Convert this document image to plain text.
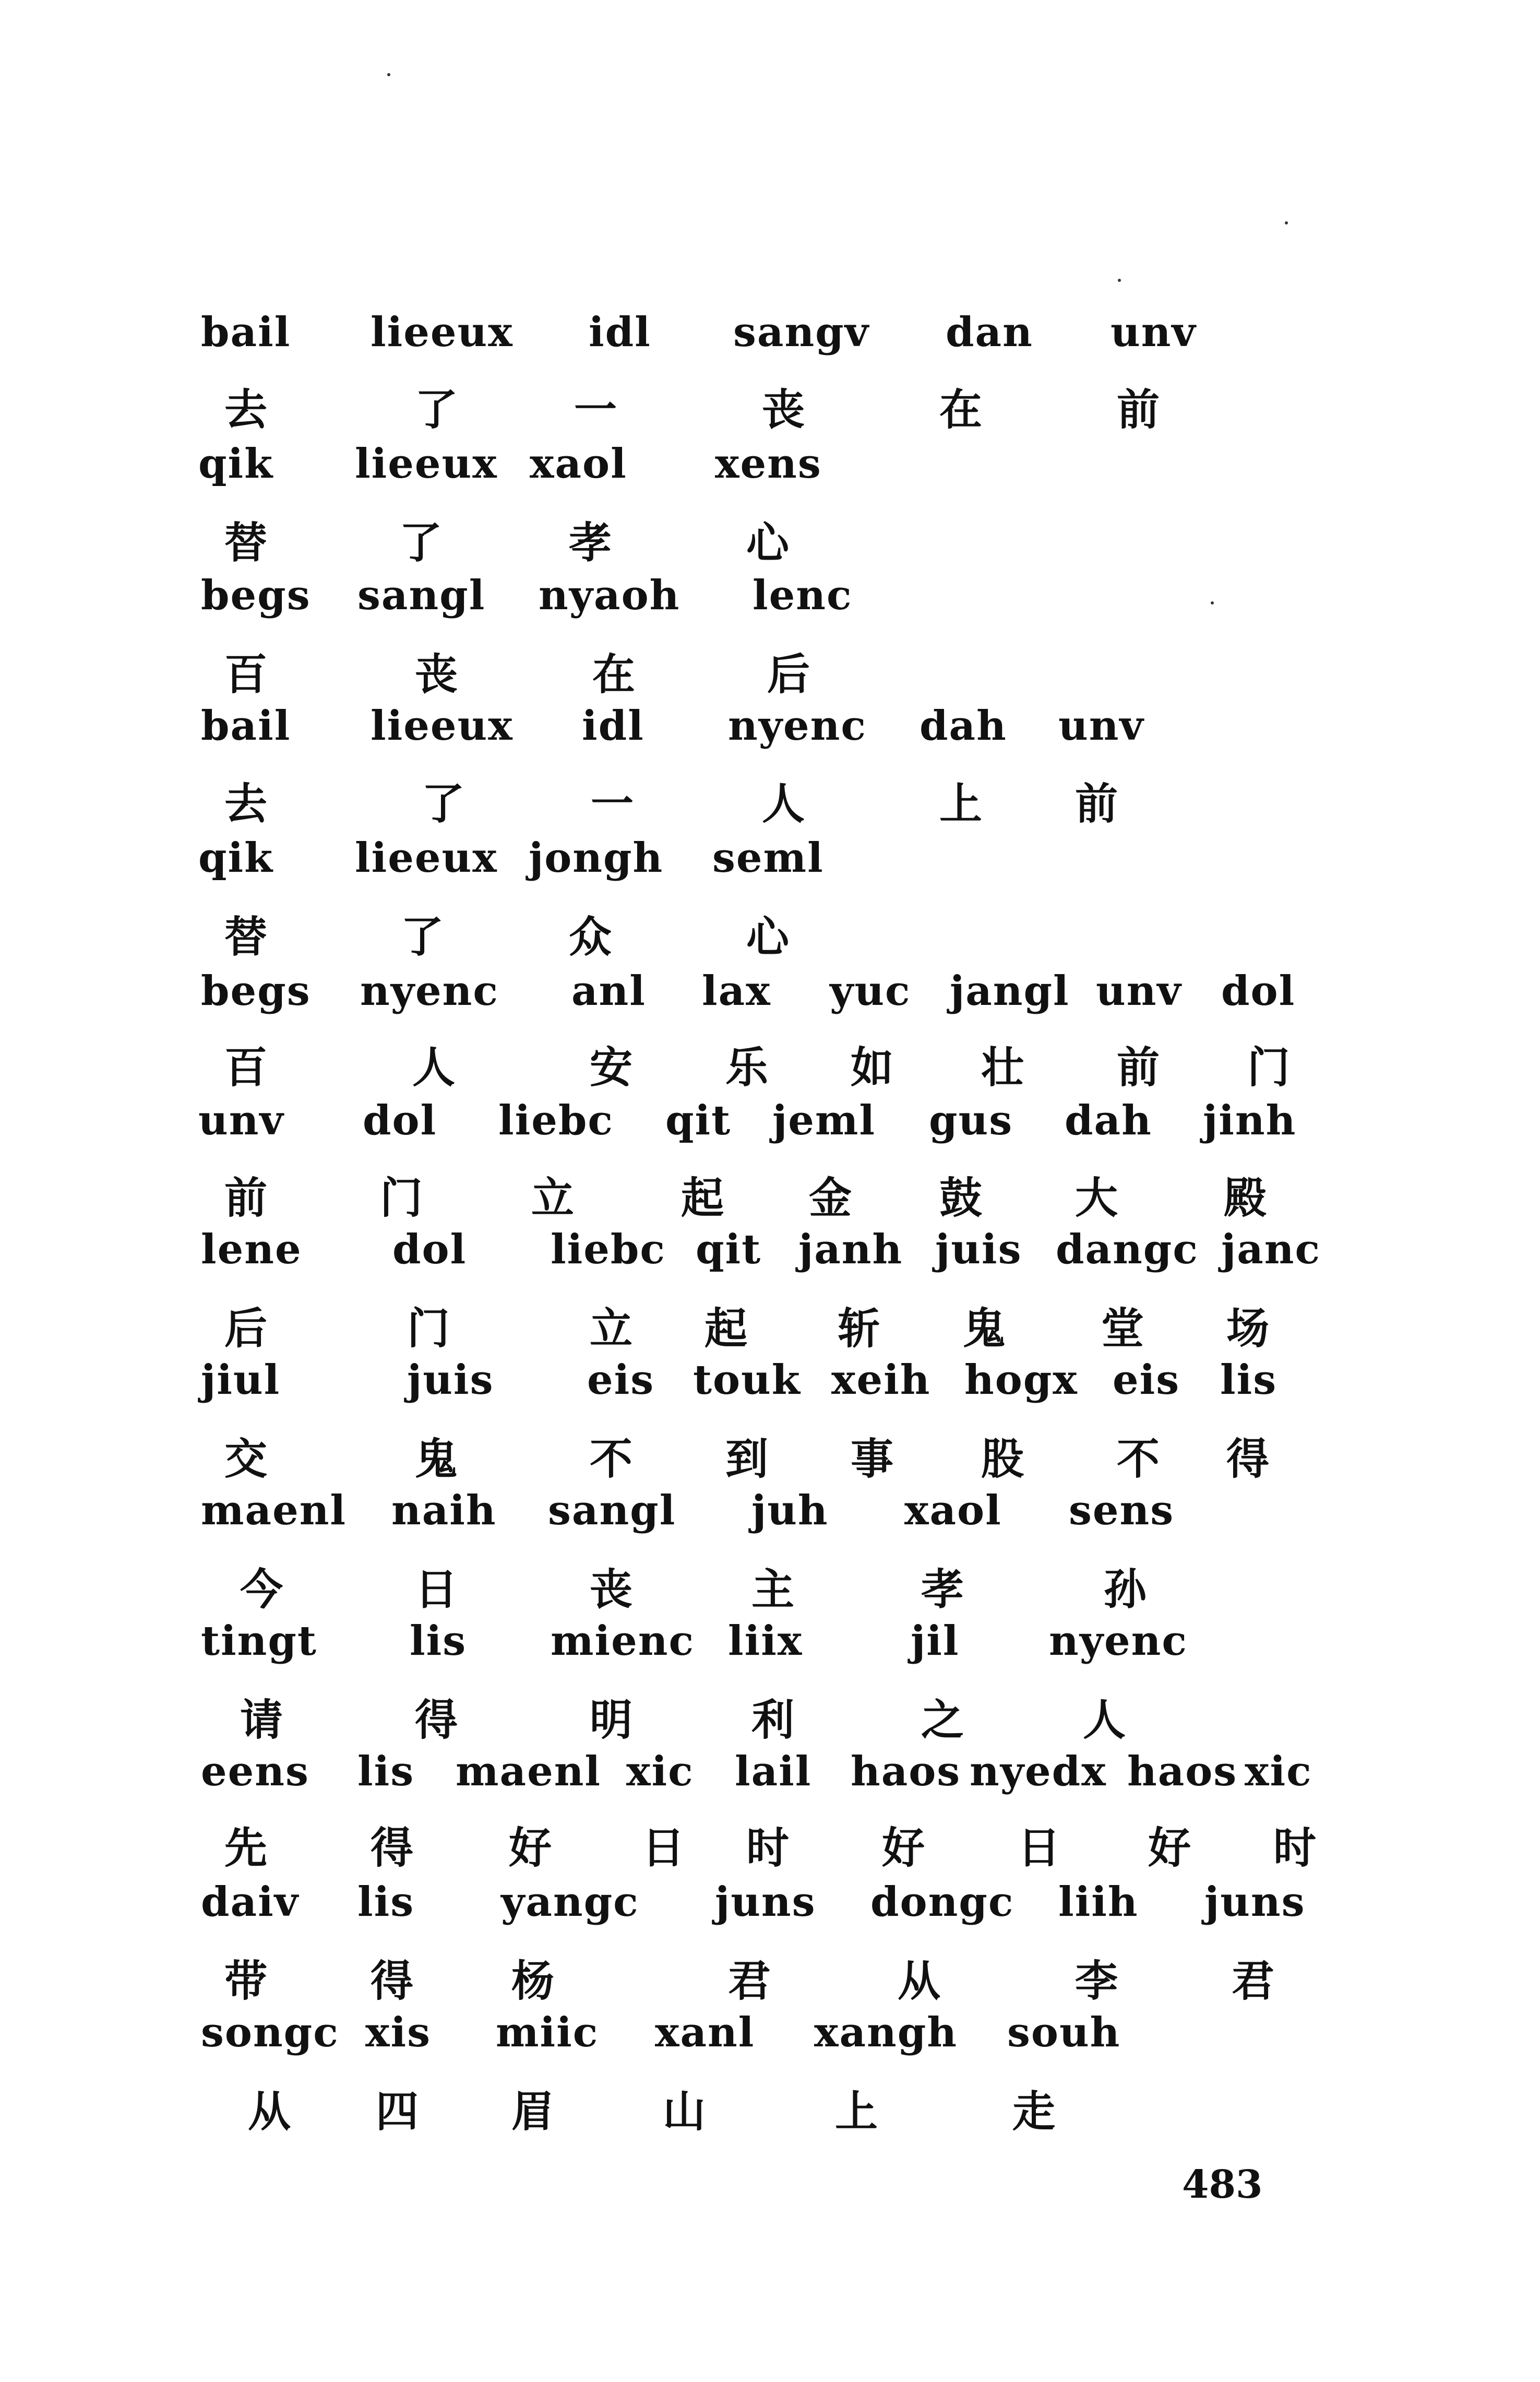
bail lieeux idl sangv dan unv
去	了	一	丧	在	前
qik lieeux xaol xens
替	了	孝	心
begs sangl nyaoh lenc
百	丧	在	后
bail lieeux idl nyenc dah unv
去	了	一	人	上 前
qik lieeux jongh seml
替	了	众	心
begs nyenc anl lax yuc jangl unv dol
百	人	安 乐 如 壮 前 门
unv dol liebc qit jeml gus dah jinh
前	门	立 起 金 鼓 大 殿
lene dol liebc qit janh juis dangc janc
后	门	立 起 斩 鬼 堂 场
jiul	juis eis touk xeih hogx eis lis
交	鬼	不 到 事 股 不 得
maenl naih sangl juh xaol sens
今	日	丧	主	孝	孙
tingt lis mienc liix	jil nyenc
请	得	明	利	之	人
eens lis maenl xic lail haos nyedx haos xic
先 得 好 日 时 好 日 好 时
daiv lis yangc juns dongc liih juns
带 得 杨	君	从	李	君
songc xis miic xanl xangh souh
从 四 眉	山	上	走
483
